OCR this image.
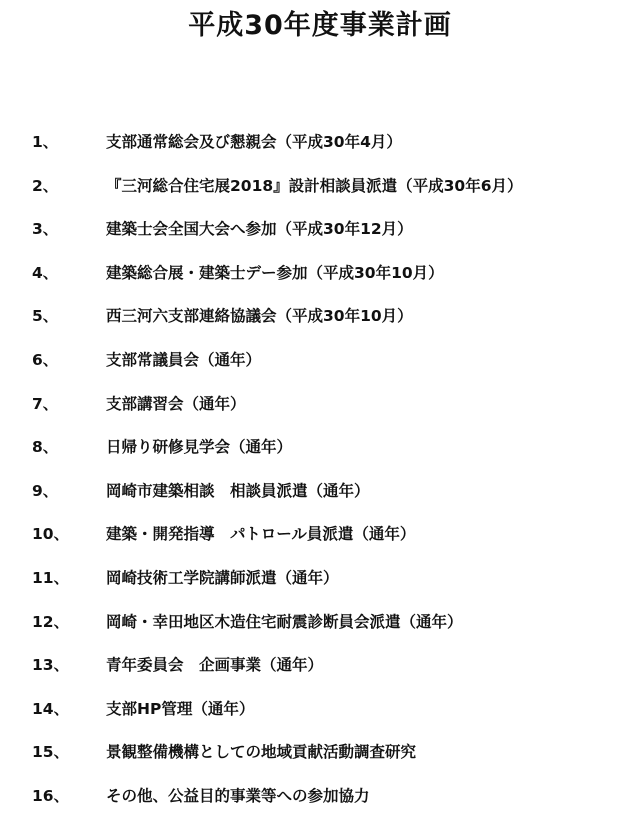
平成30年度事業計画
1、	支部通常総会及び懇親会（平成30年4月）
2、	『三河総合住宅展2018』設計相談員派遣（平成30年6月）
3、	建築士会全国大会へ参加（平成30年12月）
4、	建築総合展・建築士デー参加（平成30年10月）
5、	西三河六支部連絡協議会（平成30年10月）
6、	支部常議員会（通年）
7、	支部講習会（通年）
8、	日帰り研修見学会（通年）
9、	岡崎市建築相談　相談員派遣（通年）
10、	建築・開発指導　パトロール員派遣（通年）
11、	岡崎技術工学院講師派遣（通年）
12、	岡崎・幸田地区木造住宅耐震診断員会派遣（通年）
13、	青年委員会　企画事業（通年）
14、	支部HP管理（通年）
15、	景観整備機構としての地域貢献活動調査研究
16、	その他、公益目的事業等への参加協力
